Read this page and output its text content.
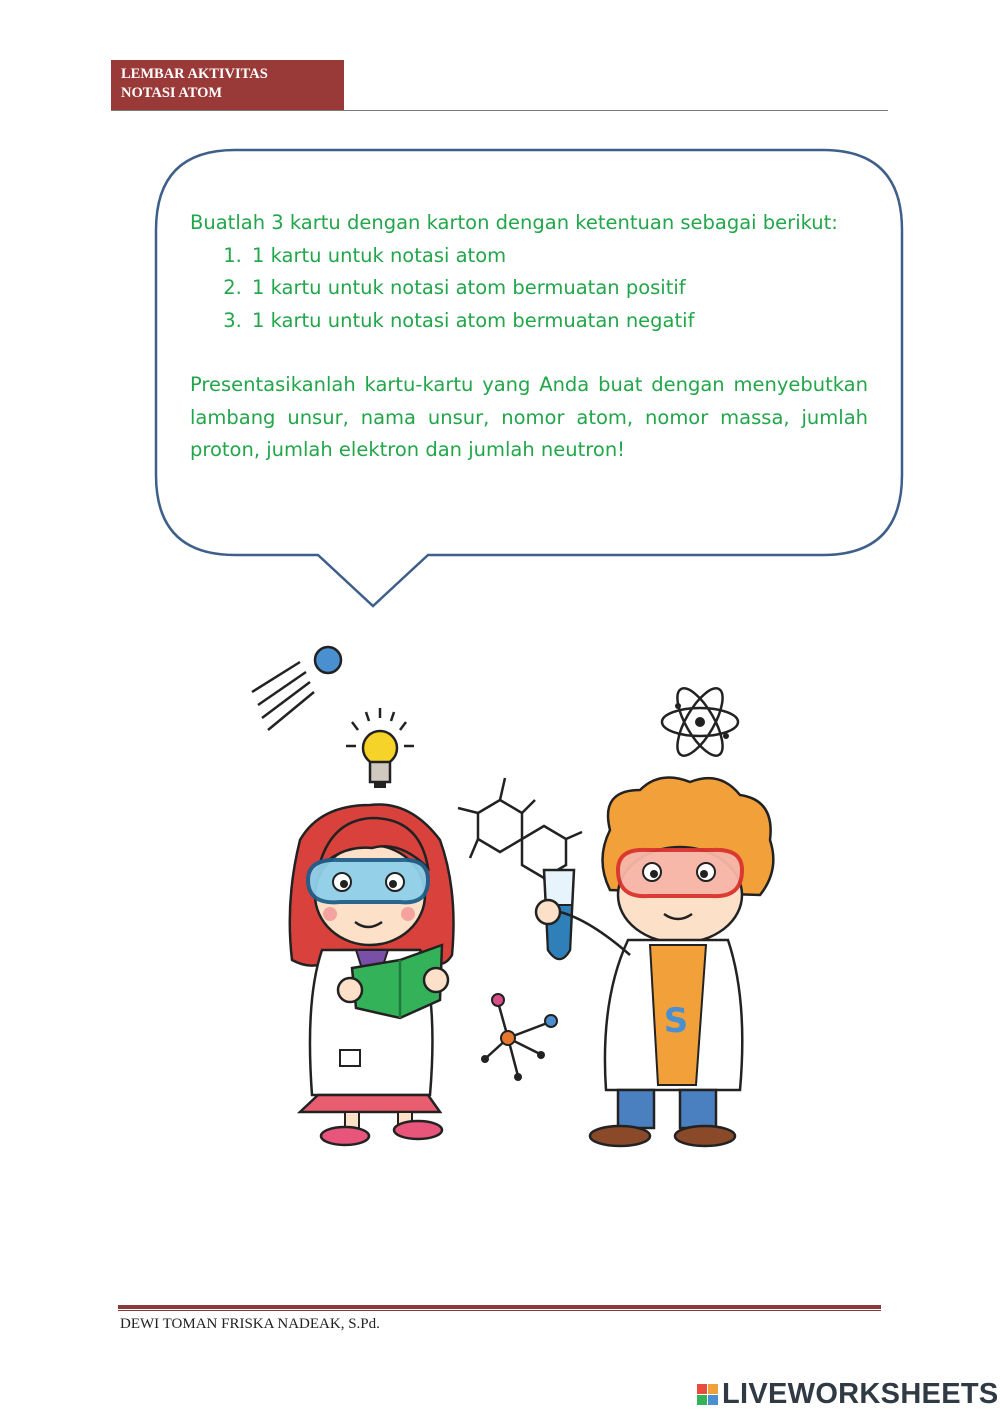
LEMBAR AKTIVITAS
NOTASI ATOM

Buatlah 3 kartu dengan karton dengan ketentuan sebagai berikut:

1. 1 kartu untuk notasi atom
2. 1 kartu untuk notasi atom bermuatan positif
3. 1 kartu untuk notasi atom bermuatan negatif

Presentasikanlah kartu-kartu yang Anda buat dengan menyebutkan lambang unsur, nama unsur, nomor atom, nomor massa, jumlah proton, jumlah elektron dan jumlah neutron!

S
DEWI TOMAN FRISKA NADEAK, S.Pd.
LIVEWORKSHEETS
